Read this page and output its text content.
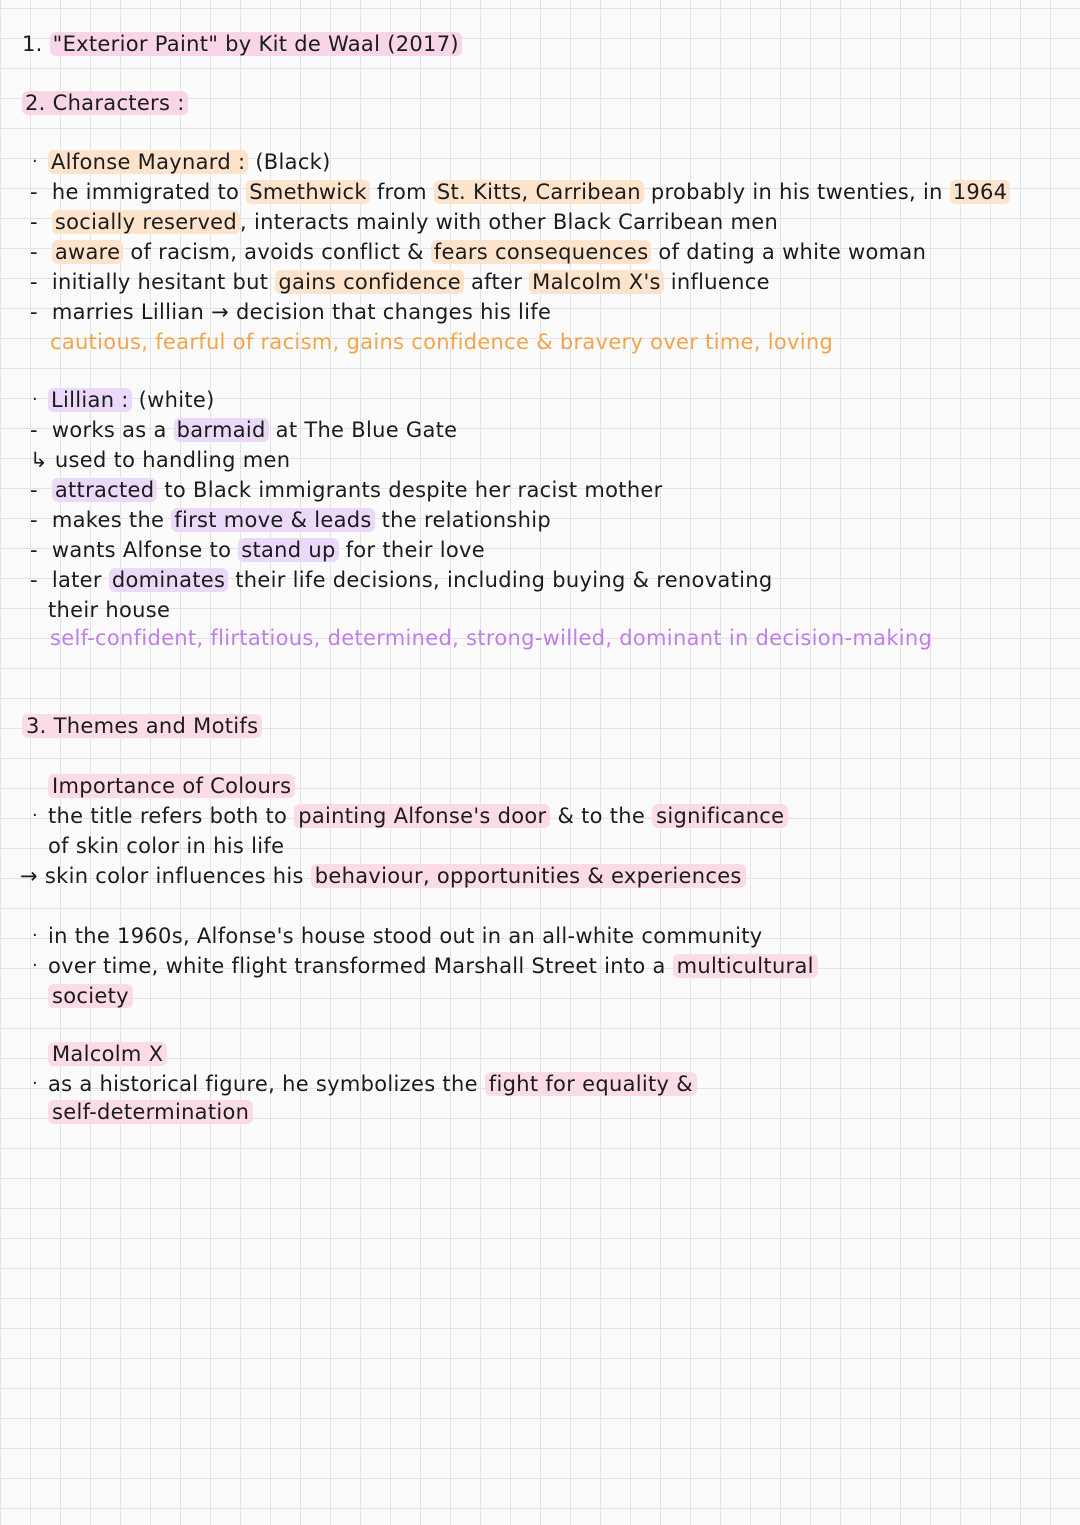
1. "Exterior Paint" by Kit de Waal (2017)
2. Characters :
· Alfonse Maynard : (Black)
- he immigrated to Smethwick from St. Kitts, Carribean probably in his twenties, in 1964
- socially reserved , interacts mainly with other Black Carribean men
- aware of racism, avoids conflict & fears consequences of dating a white woman
- initially hesitant but gains confidence after Malcolm X's influence
- marries Lillian → decision that changes his life
cautious, fearful of racism, gains confidence & bravery over time, loving
· Lillian : (white)
- works as a barmaid at The Blue Gate
↳ used to handling men
- attracted to Black immigrants despite her racist mother
- makes the first move & leads the relationship
- wants Alfonse to stand up for their love
- later dominates their life decisions, including buying & renovating
their house
self-confident, flirtatious, determined, strong-willed, dominant in decision-making
3. Themes and Motifs
Importance of Colours
· the title refers both to painting Alfonse's door & to the significance
of skin color in his life
→ skin color influences his behaviour, opportunities & experiences
· in the 1960s, Alfonse's house stood out in an all-white community
· over time, white flight transformed Marshall Street into a multicultural
society
Malcolm X
· as a historical figure, he symbolizes the fight for equality &
self-determination
